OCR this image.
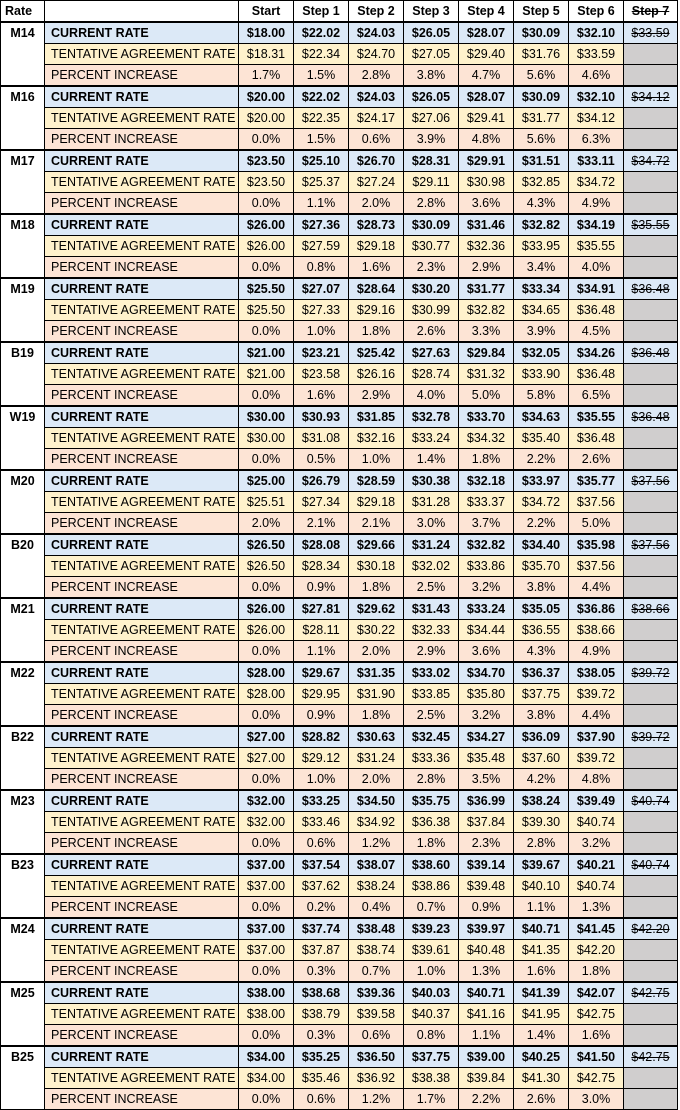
Rate		Start	Step 1	Step 2	Step 3	Step 4	Step 5	Step 6	Step 7
M14	CURRENT RATE	$18.00	$22.02	$24.03	$26.05	$28.07	$30.09	$32.10	$33.59
	TENTATIVE AGREEMENT RATE	$18.31	$22.34	$24.70	$27.05	$29.40	$31.76	$33.59	
	PERCENT INCREASE	1.7%	1.5%	2.8%	3.8%	4.7%	5.6%	4.6%	
M16	CURRENT RATE	$20.00	$22.02	$24.03	$26.05	$28.07	$30.09	$32.10	$34.12
	TENTATIVE AGREEMENT RATE	$20.00	$22.35	$24.17	$27.06	$29.41	$31.77	$34.12	
	PERCENT INCREASE	0.0%	1.5%	0.6%	3.9%	4.8%	5.6%	6.3%	
M17	CURRENT RATE	$23.50	$25.10	$26.70	$28.31	$29.91	$31.51	$33.11	$34.72
	TENTATIVE AGREEMENT RATE	$23.50	$25.37	$27.24	$29.11	$30.98	$32.85	$34.72	
	PERCENT INCREASE	0.0%	1.1%	2.0%	2.8%	3.6%	4.3%	4.9%	
M18	CURRENT RATE	$26.00	$27.36	$28.73	$30.09	$31.46	$32.82	$34.19	$35.55
	TENTATIVE AGREEMENT RATE	$26.00	$27.59	$29.18	$30.77	$32.36	$33.95	$35.55	
	PERCENT INCREASE	0.0%	0.8%	1.6%	2.3%	2.9%	3.4%	4.0%	
M19	CURRENT RATE	$25.50	$27.07	$28.64	$30.20	$31.77	$33.34	$34.91	$36.48
	TENTATIVE AGREEMENT RATE	$25.50	$27.33	$29.16	$30.99	$32.82	$34.65	$36.48	
	PERCENT INCREASE	0.0%	1.0%	1.8%	2.6%	3.3%	3.9%	4.5%	
B19	CURRENT RATE	$21.00	$23.21	$25.42	$27.63	$29.84	$32.05	$34.26	$36.48
	TENTATIVE AGREEMENT RATE	$21.00	$23.58	$26.16	$28.74	$31.32	$33.90	$36.48	
	PERCENT INCREASE	0.0%	1.6%	2.9%	4.0%	5.0%	5.8%	6.5%	
W19	CURRENT RATE	$30.00	$30.93	$31.85	$32.78	$33.70	$34.63	$35.55	$36.48
	TENTATIVE AGREEMENT RATE	$30.00	$31.08	$32.16	$33.24	$34.32	$35.40	$36.48	
	PERCENT INCREASE	0.0%	0.5%	1.0%	1.4%	1.8%	2.2%	2.6%	
M20	CURRENT RATE	$25.00	$26.79	$28.59	$30.38	$32.18	$33.97	$35.77	$37.56
	TENTATIVE AGREEMENT RATE	$25.51	$27.34	$29.18	$31.28	$33.37	$34.72	$37.56	
	PERCENT INCREASE	2.0%	2.1%	2.1%	3.0%	3.7%	2.2%	5.0%	
B20	CURRENT RATE	$26.50	$28.08	$29.66	$31.24	$32.82	$34.40	$35.98	$37.56
	TENTATIVE AGREEMENT RATE	$26.50	$28.34	$30.18	$32.02	$33.86	$35.70	$37.56	
	PERCENT INCREASE	0.0%	0.9%	1.8%	2.5%	3.2%	3.8%	4.4%	
M21	CURRENT RATE	$26.00	$27.81	$29.62	$31.43	$33.24	$35.05	$36.86	$38.66
	TENTATIVE AGREEMENT RATE	$26.00	$28.11	$30.22	$32.33	$34.44	$36.55	$38.66	
	PERCENT INCREASE	0.0%	1.1%	2.0%	2.9%	3.6%	4.3%	4.9%	
M22	CURRENT RATE	$28.00	$29.67	$31.35	$33.02	$34.70	$36.37	$38.05	$39.72
	TENTATIVE AGREEMENT RATE	$28.00	$29.95	$31.90	$33.85	$35.80	$37.75	$39.72	
	PERCENT INCREASE	0.0%	0.9%	1.8%	2.5%	3.2%	3.8%	4.4%	
B22	CURRENT RATE	$27.00	$28.82	$30.63	$32.45	$34.27	$36.09	$37.90	$39.72
	TENTATIVE AGREEMENT RATE	$27.00	$29.12	$31.24	$33.36	$35.48	$37.60	$39.72	
	PERCENT INCREASE	0.0%	1.0%	2.0%	2.8%	3.5%	4.2%	4.8%	
M23	CURRENT RATE	$32.00	$33.25	$34.50	$35.75	$36.99	$38.24	$39.49	$40.74
	TENTATIVE AGREEMENT RATE	$32.00	$33.46	$34.92	$36.38	$37.84	$39.30	$40.74	
	PERCENT INCREASE	0.0%	0.6%	1.2%	1.8%	2.3%	2.8%	3.2%	
B23	CURRENT RATE	$37.00	$37.54	$38.07	$38.60	$39.14	$39.67	$40.21	$40.74
	TENTATIVE AGREEMENT RATE	$37.00	$37.62	$38.24	$38.86	$39.48	$40.10	$40.74	
	PERCENT INCREASE	0.0%	0.2%	0.4%	0.7%	0.9%	1.1%	1.3%	
M24	CURRENT RATE	$37.00	$37.74	$38.48	$39.23	$39.97	$40.71	$41.45	$42.20
	TENTATIVE AGREEMENT RATE	$37.00	$37.87	$38.74	$39.61	$40.48	$41.35	$42.20	
	PERCENT INCREASE	0.0%	0.3%	0.7%	1.0%	1.3%	1.6%	1.8%	
M25	CURRENT RATE	$38.00	$38.68	$39.36	$40.03	$40.71	$41.39	$42.07	$42.75
	TENTATIVE AGREEMENT RATE	$38.00	$38.79	$39.58	$40.37	$41.16	$41.95	$42.75	
	PERCENT INCREASE	0.0%	0.3%	0.6%	0.8%	1.1%	1.4%	1.6%	
B25	CURRENT RATE	$34.00	$35.25	$36.50	$37.75	$39.00	$40.25	$41.50	$42.75
	TENTATIVE AGREEMENT RATE	$34.00	$35.46	$36.92	$38.38	$39.84	$41.30	$42.75	
	PERCENT INCREASE	0.0%	0.6%	1.2%	1.7%	2.2%	2.6%	3.0%	
